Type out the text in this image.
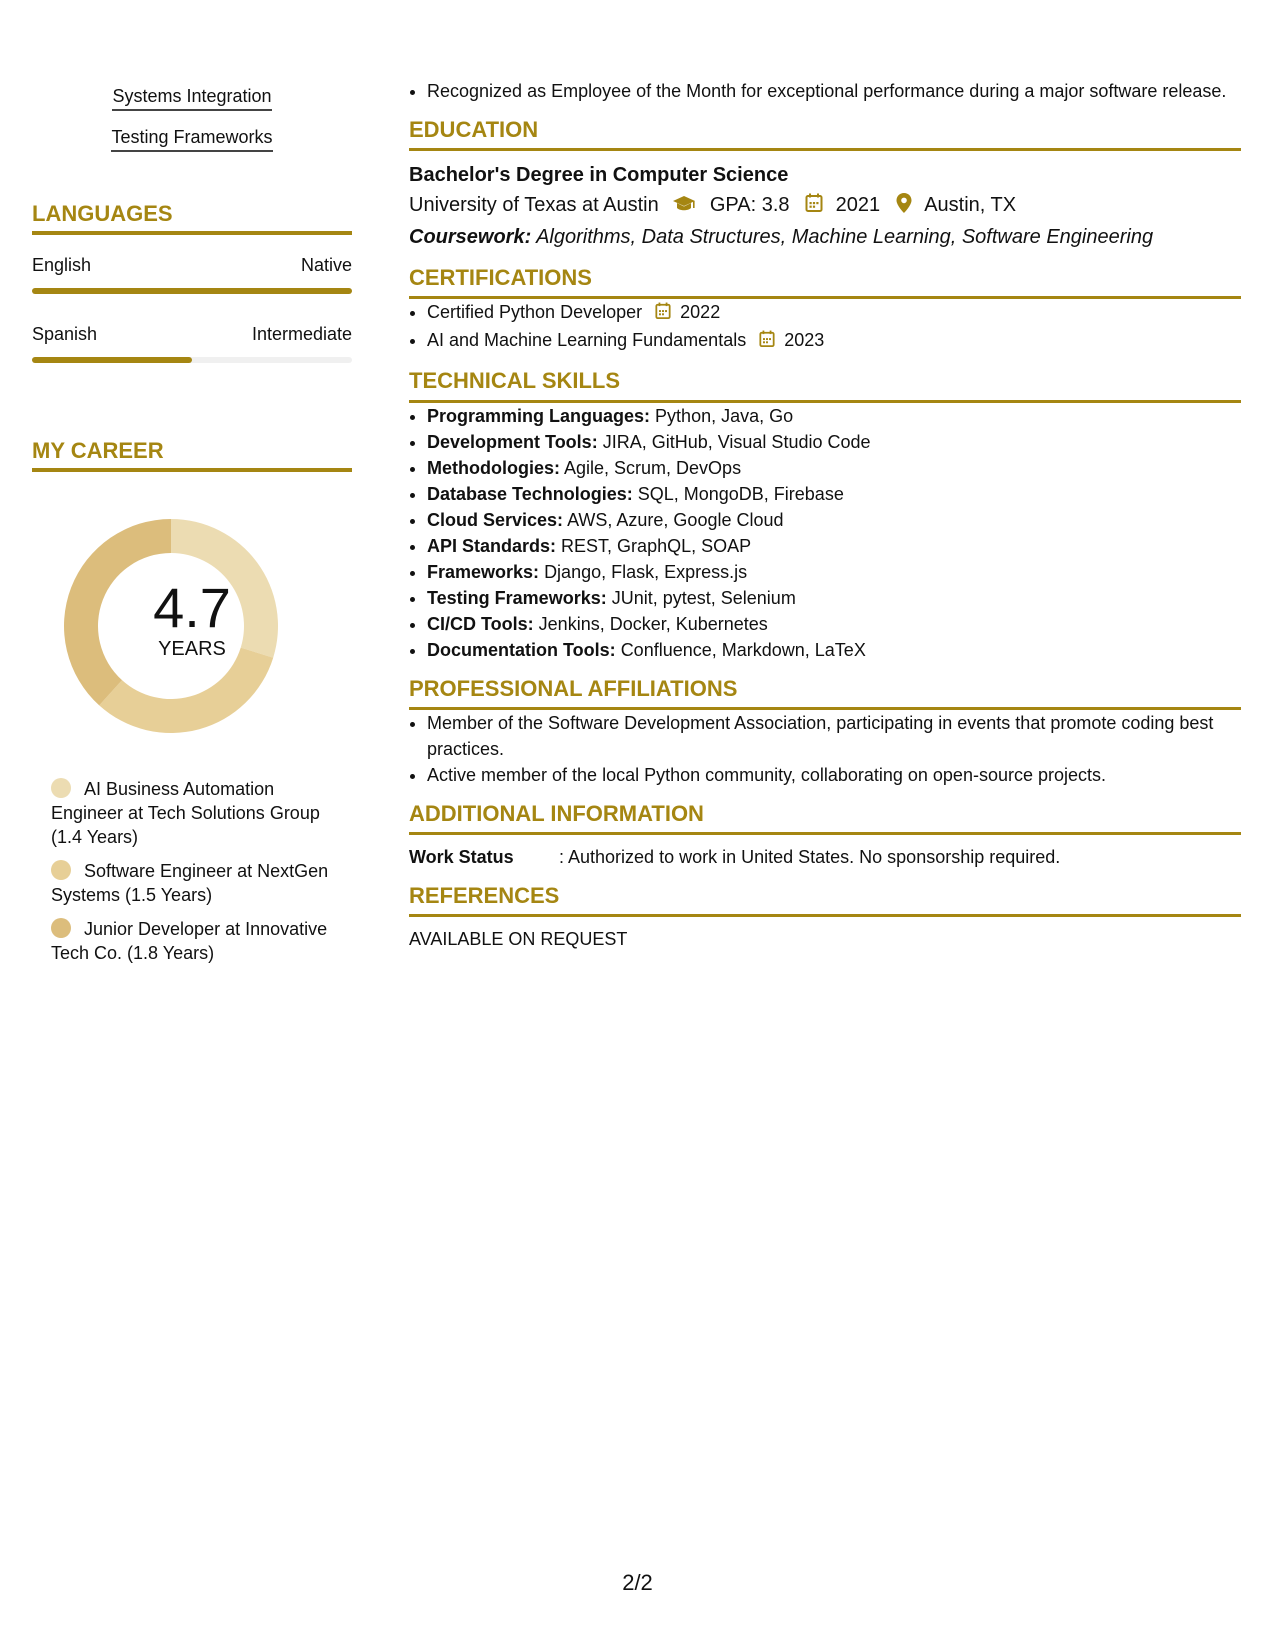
Systems Integration
Testing Frameworks
LANGUAGES
English	Native
Spanish	Intermediate
MY CAREER
4.7
YEARS
AI Business Automation Engineer at Tech Solutions Group (1.4 Years)
Software Engineer at NextGen Systems (1.5 Years)
Junior Developer at Innovative Tech Co. (1.8 Years)
• Recognized as Employee of the Month for exceptional performance during a major software release.
EDUCATION
Bachelor's Degree in Computer Science
University of Texas at Austin	GPA: 3.8 2021 Austin, TX
Coursework: Algorithms, Data Structures, Machine Learning, Software Engineering
CERTIFICATIONS
• Certified Python Developer 2022
• AI and Machine Learning Fundamentals 2023
TECHNICAL SKILLS
• Programming Languages: Python, Java, Go
• Development Tools: JIRA, GitHub, Visual Studio Code
• Methodologies: Agile, Scrum, DevOps
• Database Technologies: SQL, MongoDB, Firebase
• Cloud Services: AWS, Azure, Google Cloud
• API Standards: REST, GraphQL, SOAP
• Frameworks: Django, Flask, Express.js
• Testing Frameworks: JUnit, pytest, Selenium
• CI/CD Tools: Jenkins, Docker, Kubernetes
• Documentation Tools: Confluence, Markdown, LaTeX
PROFESSIONAL AFFILIATIONS
• Member of the Software Development Association, participating in events that promote coding best practices.
• Active member of the local Python community, collaborating on open-source projects.
ADDITIONAL INFORMATION
Work Status	: Authorized to work in United States. No sponsorship required.
REFERENCES
AVAILABLE ON REQUEST
2/2
